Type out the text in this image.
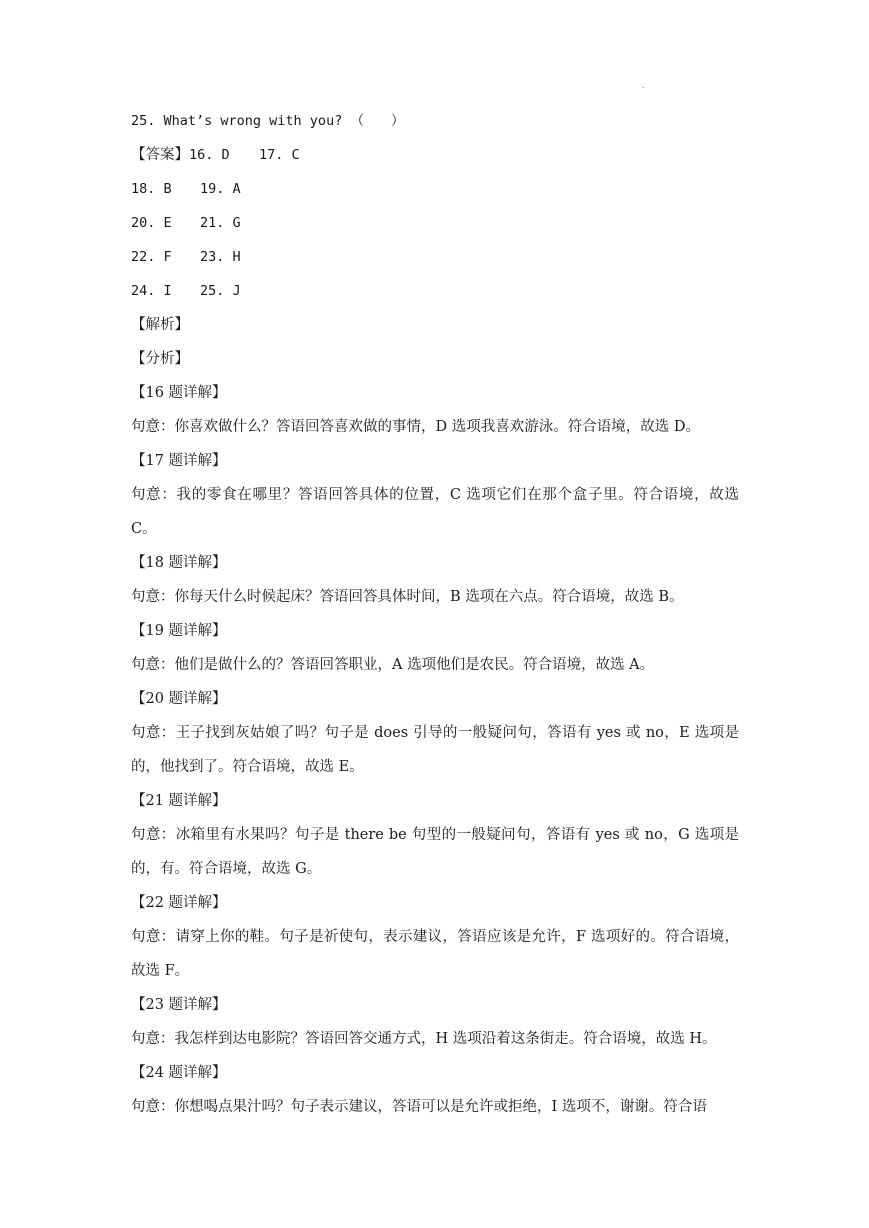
.
25. What’s wrong with you? （　　）
【答案】16. D 17. C
18. B 19. A
20. E 21. G
22. F 23. H
24. I 25. J
【解析】
【分析】
【16 题详解】
句意：你喜欢做什么？答语回答喜欢做的事情，D 选项我喜欢游泳。符合语境，故选 D。
【17 题详解】
句意：我的零食在哪里？答语回答具体的位置，C 选项它们在那个盒子里。符合语境，故选 C。
【18 题详解】
句意：你每天什么时候起床？答语回答具体时间，B 选项在六点。符合语境，故选 B。
【19 题详解】
句意：他们是做什么的？答语回答职业，A 选项他们是农民。符合语境，故选 A。
【20 题详解】
句意：王子找到灰姑娘了吗？句子是 does 引导的一般疑问句，答语有 yes 或 no，E 选项是的，他找到了。符合语境，故选 E。
【21 题详解】
句意：冰箱里有水果吗？句子是 there be 句型的一般疑问句，答语有 yes 或 no，G 选项是的，有。符合语境，故选 G。
【22 题详解】
句意：请穿上你的鞋。句子是祈使句，表示建议，答语应该是允许，F 选项好的。符合语境，故选 F。
【23 题详解】
句意：我怎样到达电影院？答语回答交通方式，H 选项沿着这条街走。符合语境，故选 H。
【24 题详解】
句意：你想喝点果汁吗？句子表示建议，答语可以是允许或拒绝，I 选项不，谢谢。符合语
